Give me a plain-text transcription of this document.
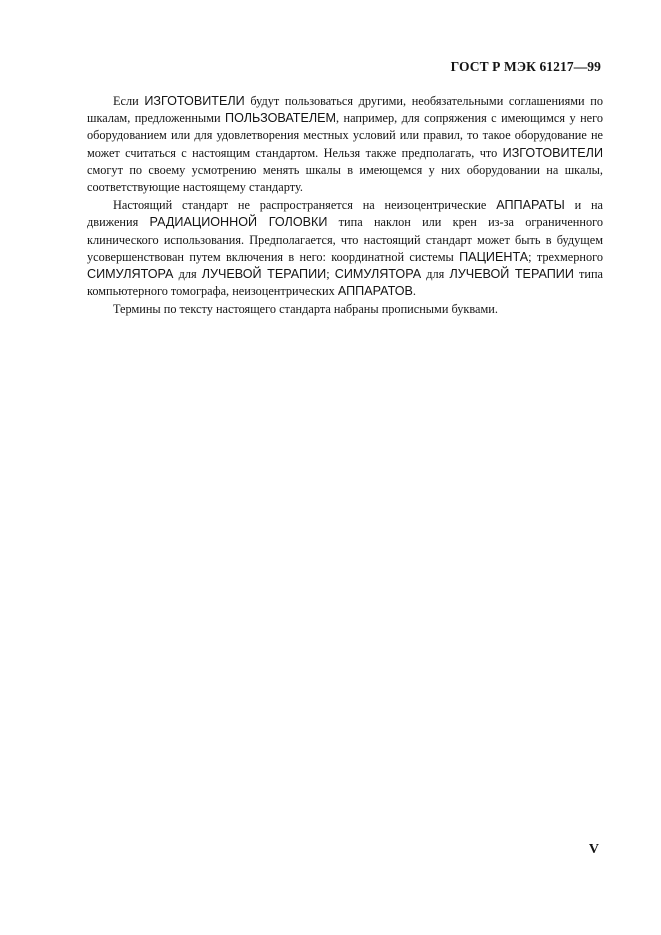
ГОСТ Р МЭК 61217—99

Если ИЗГОТОВИТЕЛИ будут пользоваться другими, необязательными соглашениями по шкалам, предложенными ПОЛЬЗОВАТЕЛЕМ, например, для сопряжения с имеющимся у него оборудованием или для удовлетворения местных условий или правил, то такое оборудование не может считаться с настоящим стандартом. Нельзя также предполагать, что ИЗГОТОВИТЕЛИ смогут по своему усмотрению менять шкалы в имеющемся у них оборудовании на шкалы, соответствующие настоящему стандарту.

Настоящий стандарт не распространяется на неизоцентрические АППАРАТЫ и на движения РАДИАЦИОННОЙ ГОЛОВКИ типа наклон или крен из-за ограниченного клинического использования. Предполагается, что настоящий стандарт может быть в будущем усовершенствован путем включения в него: координатной системы ПАЦИЕНТА; трехмерного СИМУЛЯТОРА для ЛУЧЕВОЙ ТЕРАПИИ; СИМУЛЯТОРА для ЛУЧЕВОЙ ТЕРАПИИ типа компьютерного томографа, неизоцентрических АППАРАТОВ.

Термины по тексту настоящего стандарта набраны прописными буквами.

V
